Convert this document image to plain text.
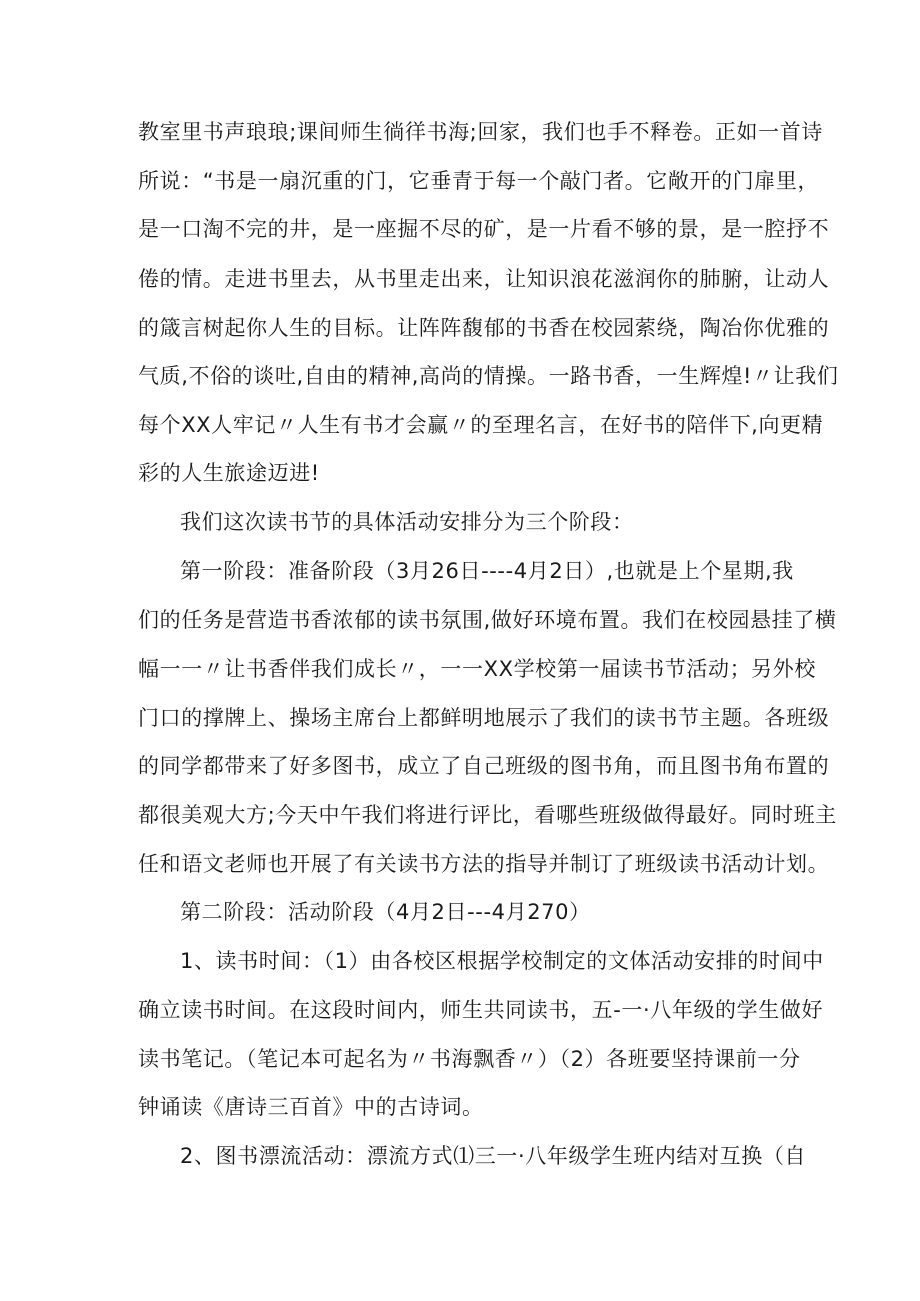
教室里书声琅琅;课间师生徜徉书海;回家，我们也手不释卷。正如一首诗
所说：“书是一扇沉重的门，它垂青于每一个敲门者。它敞开的门扉里，
是一口淘不完的井，是一座掘不尽的矿，是一片看不够的景，是一腔抒不
倦的情。走进书里去，从书里走出来，让知识浪花滋润你的肺腑，让动人
的箴言树起你人生的目标。让阵阵馥郁的书香在校园萦绕，陶冶你优雅的
气质,不俗的谈吐,自由的精神,高尚的情操。一路书香，一生辉煌!〃让我们
每个XX人牢记〃人生有书才会赢〃的至理名言，在好书的陪伴下,向更精
彩的人生旅途迈进!
我们这次读书节的具体活动安排分为三个阶段：
第一阶段：准备阶段（3月26日----4月2日）,也就是上个星期,我
们的任务是营造书香浓郁的读书氛围,做好环境布置。我们在校园悬挂了横
幅一一〃让书香伴我们成长〃，一一XX学校第一届读书节活动；另外校
门口的撑牌上、操场主席台上都鲜明地展示了我们的读书节主题。各班级
的同学都带来了好多图书，成立了自己班级的图书角，而且图书角布置的
都很美观大方;今天中午我们将进行评比，看哪些班级做得最好。同时班主
任和语文老师也开展了有关读书方法的指导并制订了班级读书活动计划。
第二阶段：活动阶段（4月2日---4月270）
1、读书时间：（1）由各校区根据学校制定的文体活动安排的时间中
确立读书时间。在这段时间内，师生共同读书，五-一·八年级的学生做好
读书笔记。（笔记本可起名为〃书海飘香〃）（2）各班要坚持课前一分
钟诵读《唐诗三百首》中的古诗词。
2、图书漂流活动：漂流方式⑴三一·八年级学生班内结对互换（自
